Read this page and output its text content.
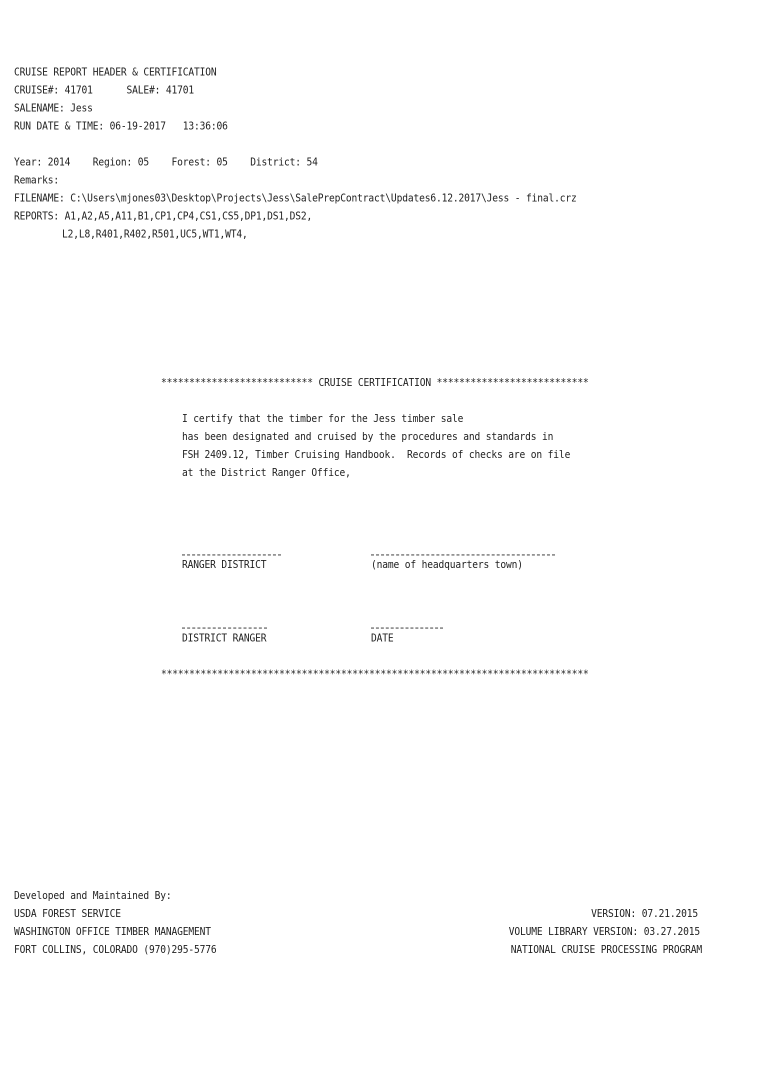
CRUISE REPORT HEADER & CERTIFICATION
CRUISE#: 41701      SALE#: 41701
SALENAME: Jess
RUN DATE & TIME: 06-19-2017   13:36:06
Year: 2014    Region: 05    Forest: 05    District: 54
Remarks:
FILENAME: C:\Users\mjones03\Desktop\Projects\Jess\SalePrepContract\Updates6.12.2017\Jess - final.crz
REPORTS: A1,A2,A5,A11,B1,CP1,CP4,CS1,CS5,DP1,DS1,DS2,
L2,L8,R401,R402,R501,UC5,WT1,WT4,
*************************** CRUISE CERTIFICATION ***************************
I certify that the timber for the Jess timber sale
has been designated and cruised by the procedures and standards in
FSH 2409.12, Timber Cruising Handbook.  Records of checks are on file
at the District Ranger Office,
RANGER DISTRICT	(name of headquarters town)
DISTRICT RANGER	DATE
****************************************************************************
Developed and Maintained By:
USDA FOREST SERVICE
WASHINGTON OFFICE TIMBER MANAGEMENT
FORT COLLINS, COLORADO (970)295-5776
VERSION: 07.21.2015
VOLUME LIBRARY VERSION: 03.27.2015
NATIONAL CRUISE PROCESSING PROGRAM
